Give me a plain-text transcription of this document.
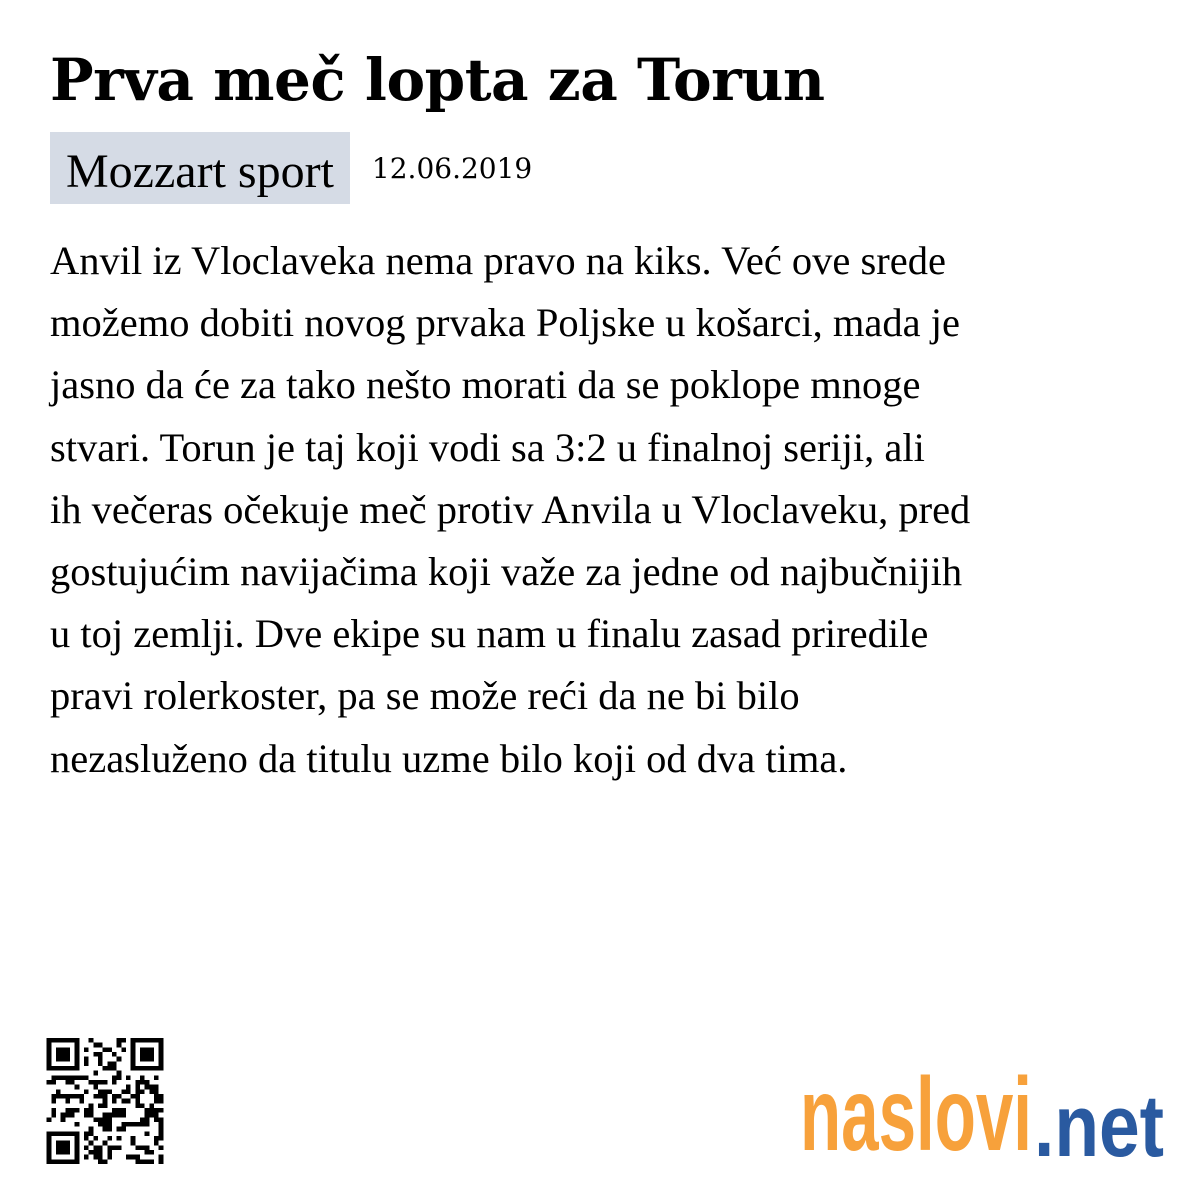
Prva meč lopta za Torun
Mozzart sport	12.06.2019
Anvil iz Vloclaveka nema pravo na kiks. Već ove srede
možemo dobiti novog prvaka Poljske u košarci, mada je
jasno da će za tako nešto morati da se poklope mnoge
stvari. Torun je taj koji vodi sa 3:2 u finalnoj seriji, ali
ih večeras očekuje meč protiv Anvila u Vloclaveku, pred
gostujućim navijačima koji važe za jedne od najbučnijih
u toj zemlji. Dve ekipe su nam u finalu zasad priredile
pravi rolerkoster, pa se može reći da ne bi bilo
nezasluženo da titulu uzme bilo koji od dva tima.
naslovi .net
